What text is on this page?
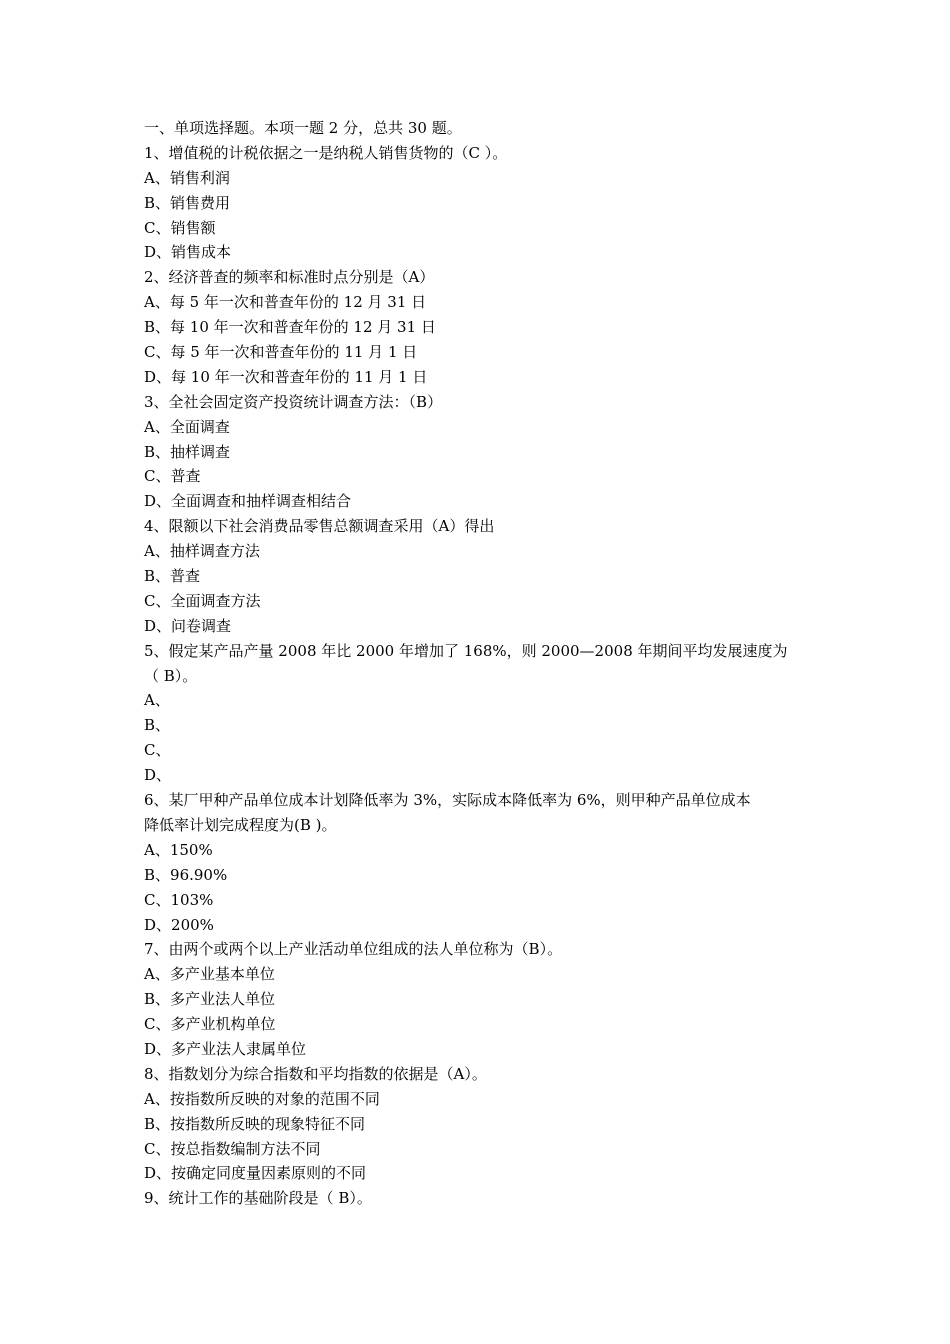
一、单项选择题。本项一题 2 分，总共 30 题。
1、增值税的计税依据之一是纳税人销售货物的（C ）。
A、销售利润
B、销售费用
C、销售额
D、销售成本
2、经济普查的频率和标准时点分别是（A）
A、每 5 年一次和普查年份的 12 月 31 日
B、每 10 年一次和普查年份的 12 月 31 日
C、每 5 年一次和普查年份的 11 月 1 日
D、每 10 年一次和普查年份的 11 月 1 日
3、全社会固定资产投资统计调查方法：（B）
A、全面调查
B、抽样调查
C、普查
D、全面调查和抽样调查相结合
4、限额以下社会消费品零售总额调查采用（A）得出
A、抽样调查方法
B、普查
C、全面调查方法
D、问卷调查
5、假定某产品产量 2008 年比 2000 年增加了 168%，则 2000—2008 年期间平均发展速度为
（ B）。
A、
B、
C、
D、
6、某厂甲种产品单位成本计划降低率为 3%，实际成本降低率为 6%，则甲种产品单位成本
降低率计划完成程度为(B )。
A、150%
B、96.90%
C、103%
D、200%
7、由两个或两个以上产业活动单位组成的法人单位称为（B）。
A、多产业基本单位
B、多产业法人单位
C、多产业机构单位
D、多产业法人隶属单位
8、指数划分为综合指数和平均指数的依据是（A）。
A、按指数所反映的对象的范围不同
B、按指数所反映的现象特征不同
C、按总指数编制方法不同
D、按确定同度量因素原则的不同
9、统计工作的基础阶段是（ B）。
